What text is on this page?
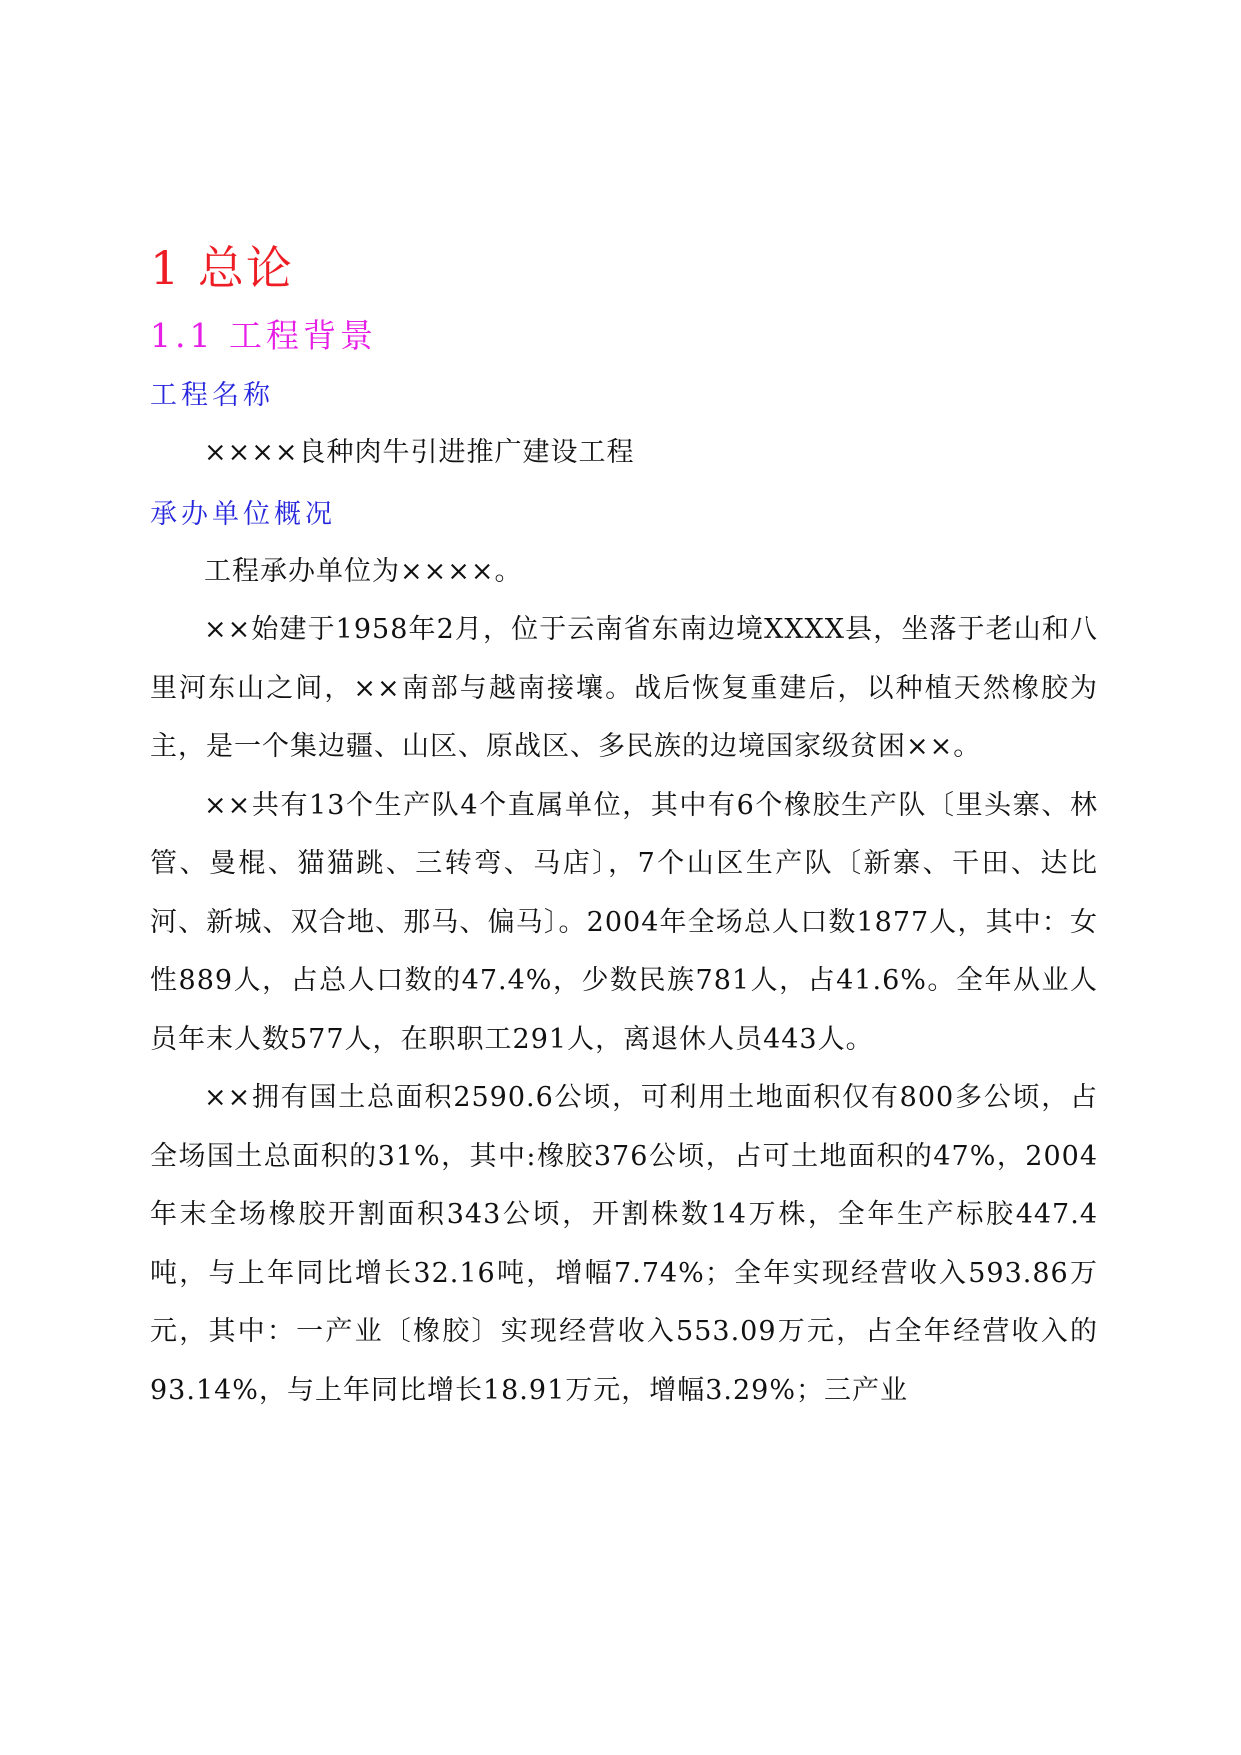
1 总论
1.1 工程背景
工程名称

××××良种肉牛引进推广建设工程

承办单位概况

工程承办单位为××××。

××始建于1958年2月，位于云南省东南边境XXXX县，坐落于老山和八里河东山之间，××南部与越南接壤。战后恢复重建后，以种植天然橡胶为主，是一个集边疆、山区、原战区、多民族的边境国家级贫困××。

××共有13个生产队4个直属单位，其中有6个橡胶生产队〔里头寨、林管、曼棍、猫猫跳、三转弯、马店〕，7个山区生产队〔新寨、干田、达比河、新城、双合地、那马、偏马〕。2004年全场总人口数1877人，其中：女性889人，占总人口数的47.4%，少数民族781人，占41.6%。全年从业人员年末人数577人，在职职工291人，离退休人员443人。

××拥有国土总面积2590.6公顷，可利用土地面积仅有800多公顷，占全场国土总面积的31%，其中:橡胶376公顷，占可土地面积的47%，2004年末全场橡胶开割面积343公顷，开割株数14万株，全年生产标胶447.4吨，与上年同比增长32.16吨，增幅7.74%；全年实现经营收入593.86万元，其中：一产业〔橡胶〕实现经营收入553.09万元，占全年经营收入的93.14%，与上年同比增长18.91万元，增幅3.29%；三产业
